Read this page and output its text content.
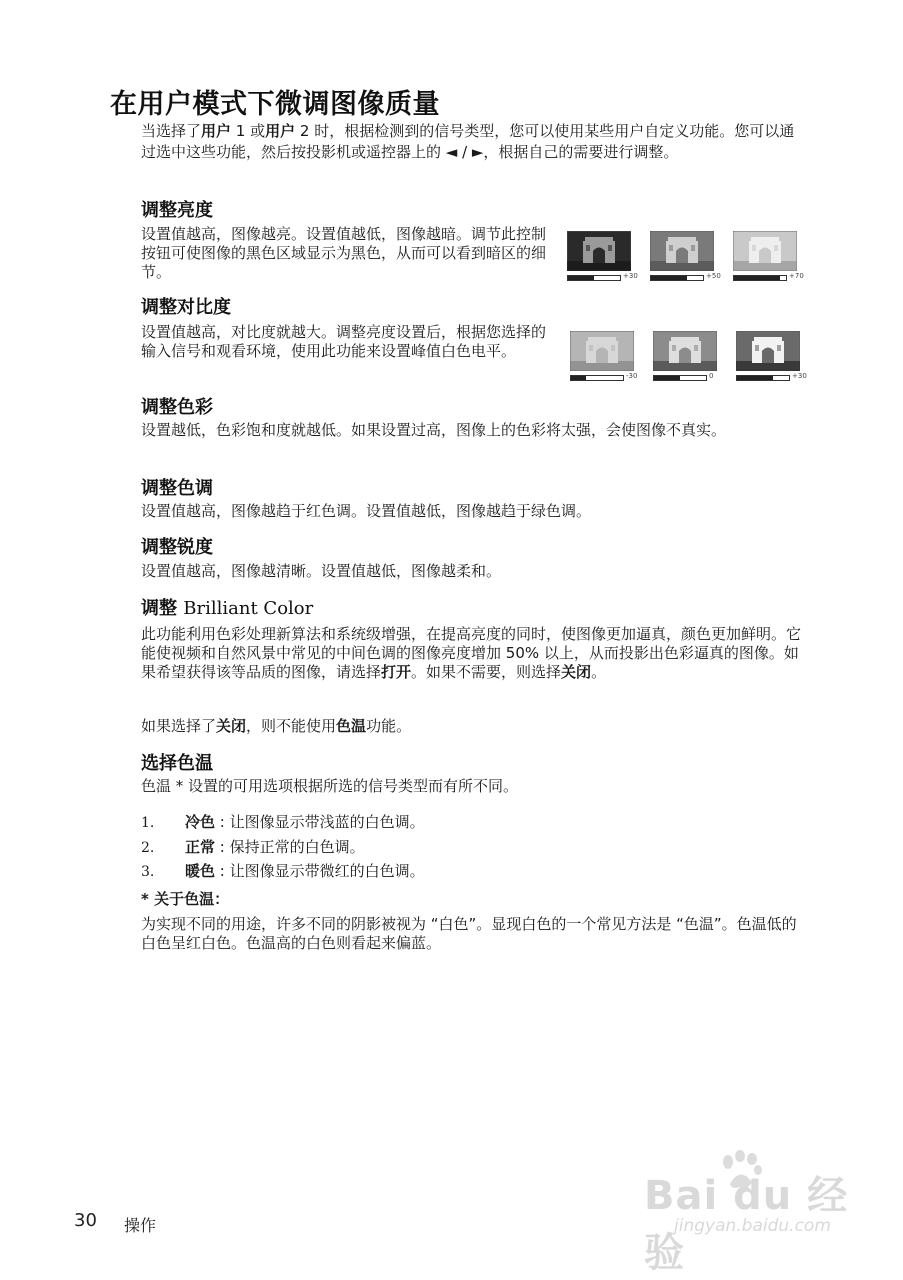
在用户模式下微调图像质量

当选择了用户 1 或用户 2 时，根据检测到的信号类型，您可以使用某些用户自定义功能。您可以通过选中这些功能，然后按投影机或遥控器上的 ◄ / ►，根据自己的需要进行调整。

调整亮度

设置值越高，图像越亮。设置值越低，图像越暗。调节此控制按钮可使图像的黑色区域显示为黑色，从而可以看到暗区的细节。	+30	+50	+70
调整对比度

设置值越高，对比度就越大。调整亮度设置后，根据您选择的输入信号和观看环境，使用此功能来设置峰值白色电平。

-30	0	+30
调整色彩

设置越低，色彩饱和度就越低。如果设置过高，图像上的色彩将太强，会使图像不真实。

调整色调

设置值越高，图像越趋于红色调。设置值越低，图像越趋于绿色调。

调整锐度

设置值越高，图像越清晰。设置值越低，图像越柔和。

调整 Brilliant Color

此功能利用色彩处理新算法和系统级增强，在提高亮度的同时，使图像更加逼真，颜色更加鲜明。它能使视频和自然风景中常见的中间色调的图像亮度增加 50% 以上，从而投影出色彩逼真的图像。如果希望获得该等品质的图像，请选择打开。如果不需要，则选择关闭。

如果选择了关闭，则不能使用色温功能。

选择色温

色温 * 设置的可用选项根据所选的信号类型而有所不同。

1. 冷色 : 让图像显示带浅蓝的白色调。
2. 正常 : 保持正常的白色调。
3. 暖色 : 让图像显示带微红的白色调。

* 关于色温：

为实现不同的用途，许多不同的阴影被视为 “白色”。显现白色的一个常见方法是 “色温”。色温低的白色呈红白色。色温高的白色则看起来偏蓝。

30 操作
Bai du 经验
jingyan.baidu.com
